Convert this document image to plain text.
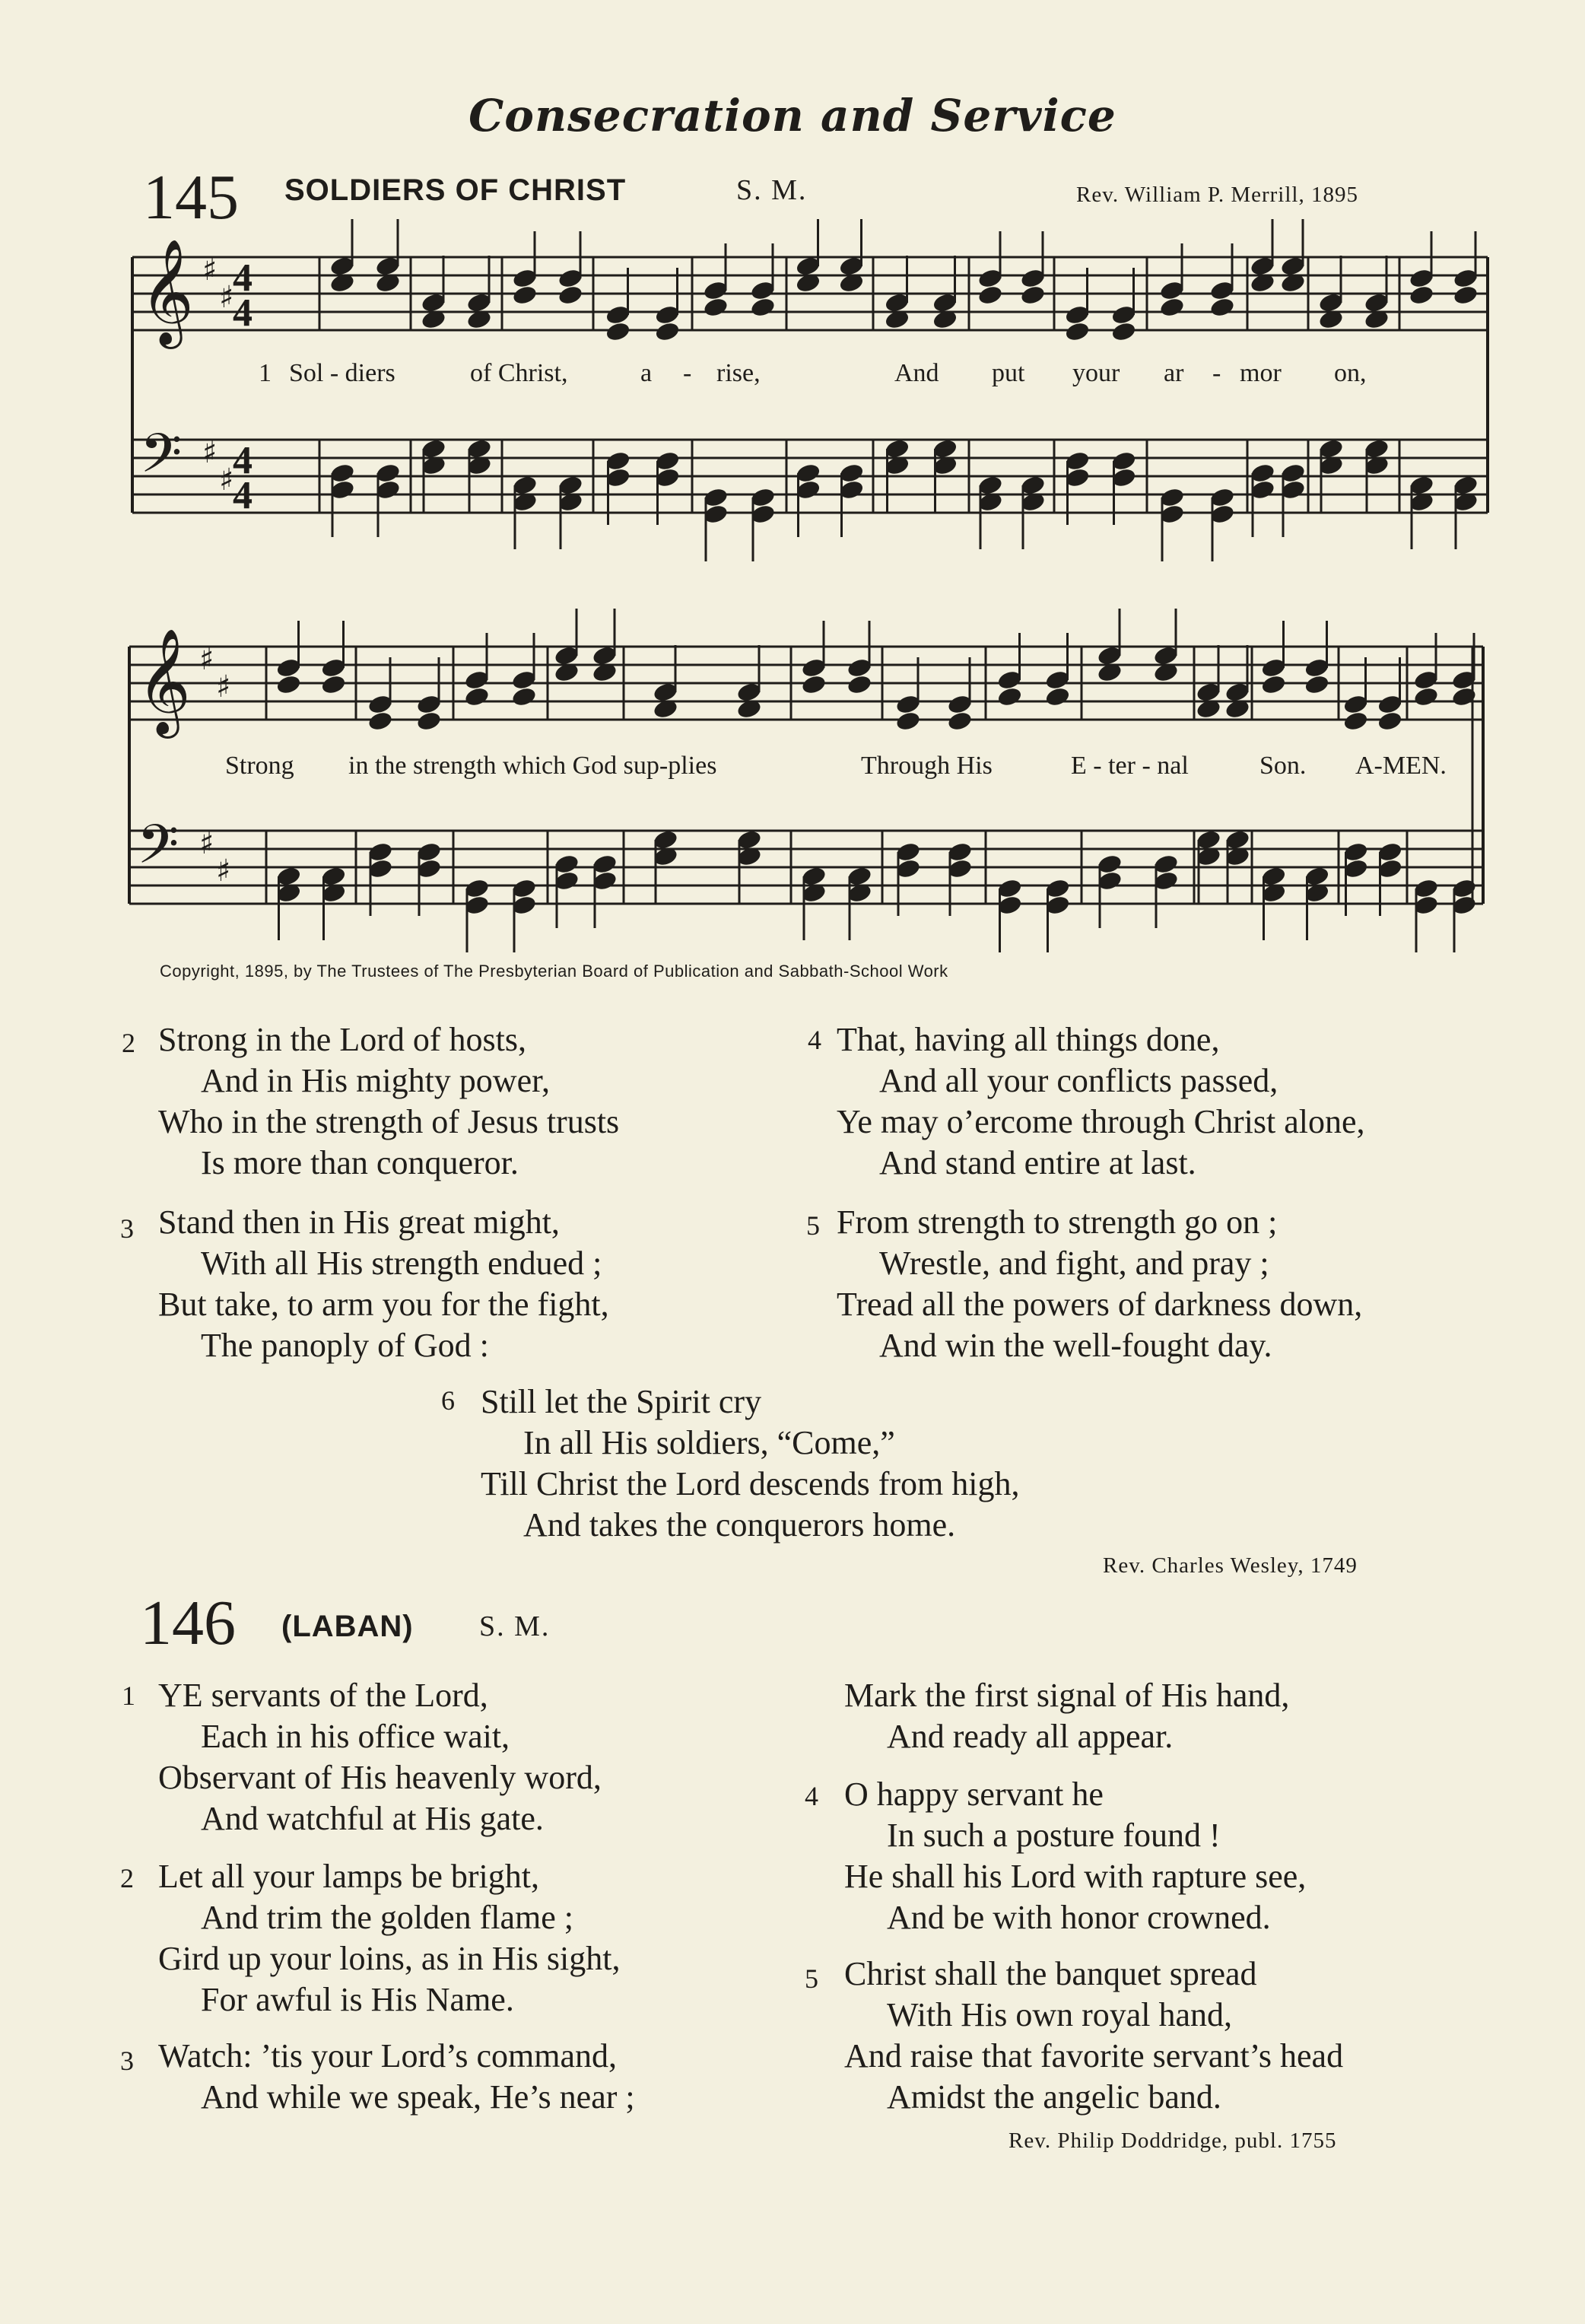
Consecration and Service
145 SOLDIERS OF CHRIST	S. M.	Rev. William P. Merrill, 1895
𝄞 ♯
♯
4
4
𝄢 ♯
♯
4
4
𝄞 ♯
♯
𝄢 ♯
♯
1 Sol - diers	of Christ,	a - rise,	And put your ar - mor on,
Strong in the strength which God sup-plies	Through His	E - ter - nal	Son. A-MEN.
Copyright, 1895, by The Trustees of The Presbyterian Board of Publication and Sabbath-School Work
2 Strong in the Lord of hosts,
And in His mighty power,
Who in the strength of Jesus trusts
Is more than conqueror.
3 Stand then in His great might,
With all His strength endued ;
But take, to arm you for the fight,
The panoply of God :
4 That, having all things done,
And all your conflicts passed,
Ye may o’ercome through Christ alone,
And stand entire at last.
5 From strength to strength go on ;
Wrestle, and fight, and pray ;
Tread all the powers of darkness down,
And win the well-fought day.
6 Still let the Spirit cry
In all His soldiers, “Come,”
Till Christ the Lord descends from high,
And takes the conquerors home.
Rev. Charles Wesley, 1749
146 (LABAN) S. M.
1 YE servants of the Lord,
Each in his office wait,
Observant of His heavenly word,
And watchful at His gate.
2 Let all your lamps be bright,
And trim the golden flame ;
Gird up your loins, as in His sight,
For awful is His Name.
3 Watch: ’tis your Lord’s command,
And while we speak, He’s near ;
Mark the first signal of His hand,
And ready all appear.
4 O happy servant he
In such a posture found !
He shall his Lord with rapture see,
And be with honor crowned.
5 Christ shall the banquet spread
With His own royal hand,
And raise that favorite servant’s head
Amidst the angelic band.
Rev. Philip Doddridge, publ. 1755
